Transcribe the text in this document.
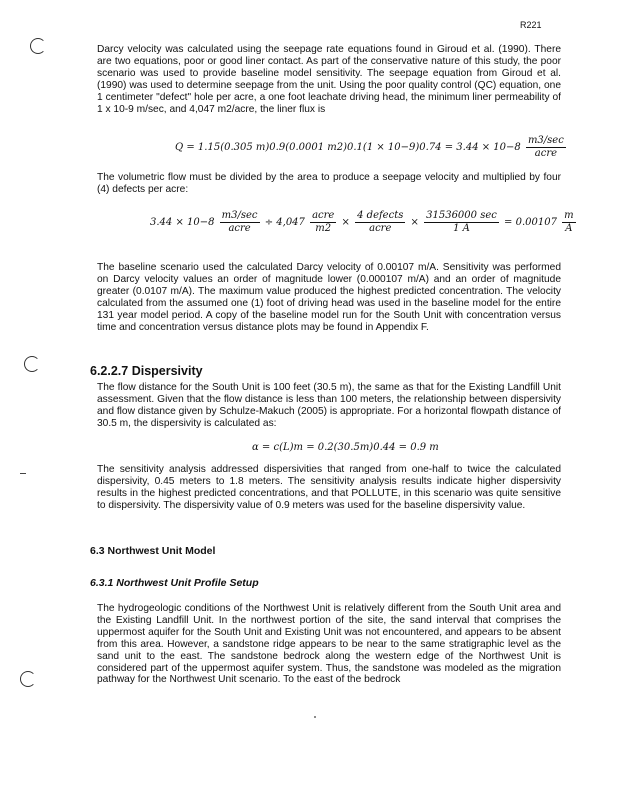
R221
Darcy velocity was calculated using the seepage rate equations found in Giroud et al. (1990). There are two equations, poor or good liner contact. As part of the conservative nature of this study, the poor scenario was used to provide baseline model sensitivity. The seepage equation from Giroud et al. (1990) was used to determine seepage from the unit. Using the poor quality control (QC) equation, one 1 centimeter "defect" hole per acre, a one foot leachate driving head, the minimum liner permeability of 1 x 10-9 m/sec, and 4,047 m2/acre, the liner flux is
Q = 1.15(0.305 m)0.9(0.0001 $m2)0.1(1 \times 10-9)0.74 = 3.44 \times 10-8 \frac{m3/\sec}{\text{acre}}$
The volumetric flow must be divided by the area to produce a seepage velocity and multiplied by four (4) defects per acre:
$3.44 \times 10-8 \frac{m3/\sec}{\text{acre}} \div 4,047 \frac{\text{acre}}{m2} \times \frac{\text{4 defects}}{\text{acre}} \times \frac{31536000 \sec}{1 A} = 0.00107 \frac{m}{A}$
The baseline scenario used the calculated Darcy velocity of 0.00107 m/A. Sensitivity was performed on Darcy velocity values an order of magnitude lower (0.000107 m/A) and an order of magnitude greater (0.0107 m/A). The maximum value produced the highest predicted concentration. The velocity calculated from the assumed one (1) foot of driving head was used in the baseline model for the entire 131 year model period. A copy of the baseline model run for the South Unit with concentration versus time and concentration versus distance plots may be found in Appendix F.
6.2.2.7 Dispersivity
The flow distance for the South Unit is 100 feet (30.5 m), the same as that for the Existing Landfill Unit assessment. Given that the flow distance is less than 100 meters, the relationship between dispersivity and flow distance given by Schulze-Makuch (2005) is appropriate. For a horizontal flowpath distance of 30.5 m, the dispersivity is calculated as:
α = c(L)m = 0.2(30.5m)0.44 = 0.9 m
The sensitivity analysis addressed dispersivities that ranged from one-half to twice the calculated dispersivity, 0.45 meters to 1.8 meters. The sensitivity analysis results indicate higher dispersivity results in the highest predicted concentrations, and that POLLUTE, in this scenario was quite sensitive to dispersivity. The dispersivity value of 0.9 meters was used for the baseline dispersivity value.
6.3 Northwest Unit Model
6.3.1 Northwest Unit Profile Setup
The hydrogeologic conditions of the Northwest Unit is relatively different from the South Unit area and the Existing Landfill Unit. In the northwest portion of the site, the sand interval that comprises the uppermost aquifer for the South Unit and Existing Unit was not encountered, and appears to be absent from this area. However, a sandstone ridge appears to be near to the same stratigraphic level as the sand unit to the east. The sandstone bedrock along the western edge of the Northwest Unit is considered part of the uppermost aquifer system. Thus, the sandstone was modeled as the migration pathway for the Northwest Unit scenario. To the east of the bedrock
